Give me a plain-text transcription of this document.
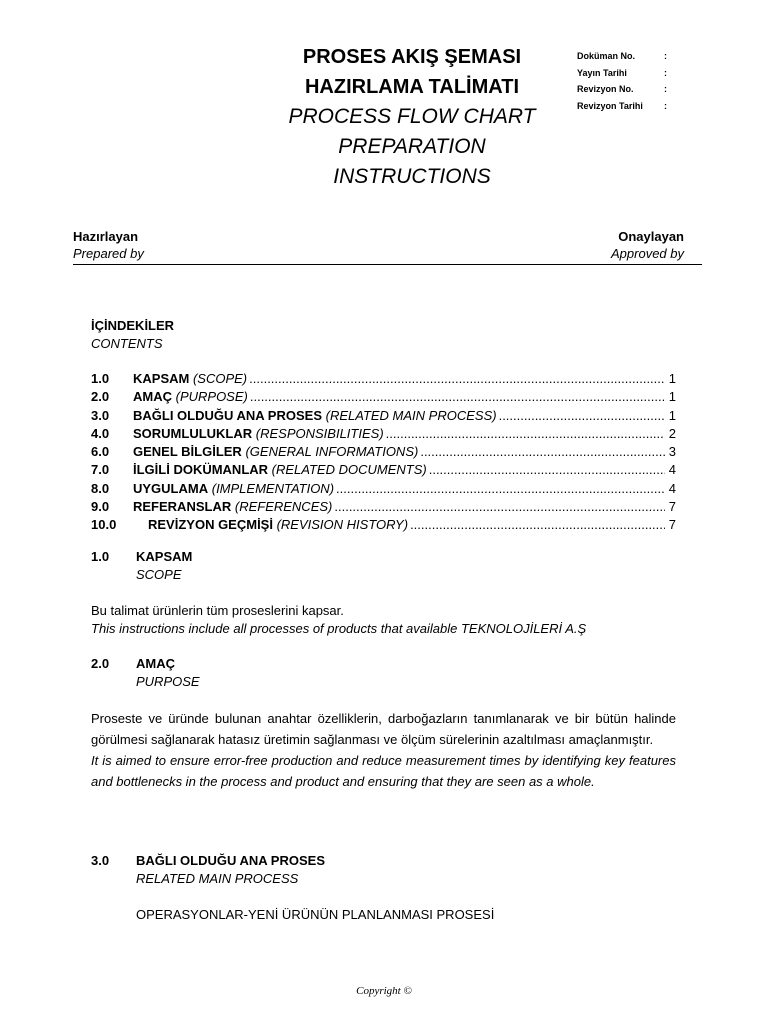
PROSES AKIŞ ŞEMASI
HAZIRLAMA TALİMATI
PROCESS FLOW CHART
PREPARATION
INSTRUCTIONS
Doküman No.	:
Yayın Tarihi	:
Revizyon No.	:
Revizyon Tarihi	:
Hazırlayan
Prepared by
Onaylayan
Approved by
İÇİNDEKİLER
CONTENTS
1.0	KAPSAM (SCOPE) .....	1
2.0	AMAÇ (PURPOSE) .....	1
3.0	BAĞLI OLDUĞU ANA PROSES (RELATED MAIN PROCESS) .....	1
4.0	SORUMLULUKLAR (RESPONSIBILITIES) .....	2
6.0	GENEL BİLGİLER (GENERAL INFORMATIONS) .....	3
7.0	İLGİLİ DOKÜMANLAR (RELATED DOCUMENTS) .....	4
8.0	UYGULAMA (IMPLEMENTATION) .....	4
9.0	REFERANSLAR (REFERENCES) .....	7
10.0	REVİZYON GEÇMİŞİ (REVISION HISTORY) .....	7
1.0	KAPSAM
SCOPE
Bu talimat ürünlerin tüm proseslerini kapsar.
This instructions include all processes of products that available TEKNOLOJİLERİ A.Ş
2.0	AMAÇ
PURPOSE
Proseste ve üründe bulunan anahtar özelliklerin, darboğazların tanımlanarak ve bir bütün halinde görülmesi sağlanarak hatasız üretimin sağlanması ve ölçüm sürelerinin azaltılması amaçlanmıştır.
It is aimed to ensure error-free production and reduce measurement times by identifying key features and bottlenecks in the process and product and ensuring that they are seen as a whole.
3.0	BAĞLI OLDUĞU ANA PROSES
RELATED MAIN PROCESS
OPERASYONLAR-YENİ ÜRÜNÜN PLANLANMASI PROSESİ
Copyright ©
